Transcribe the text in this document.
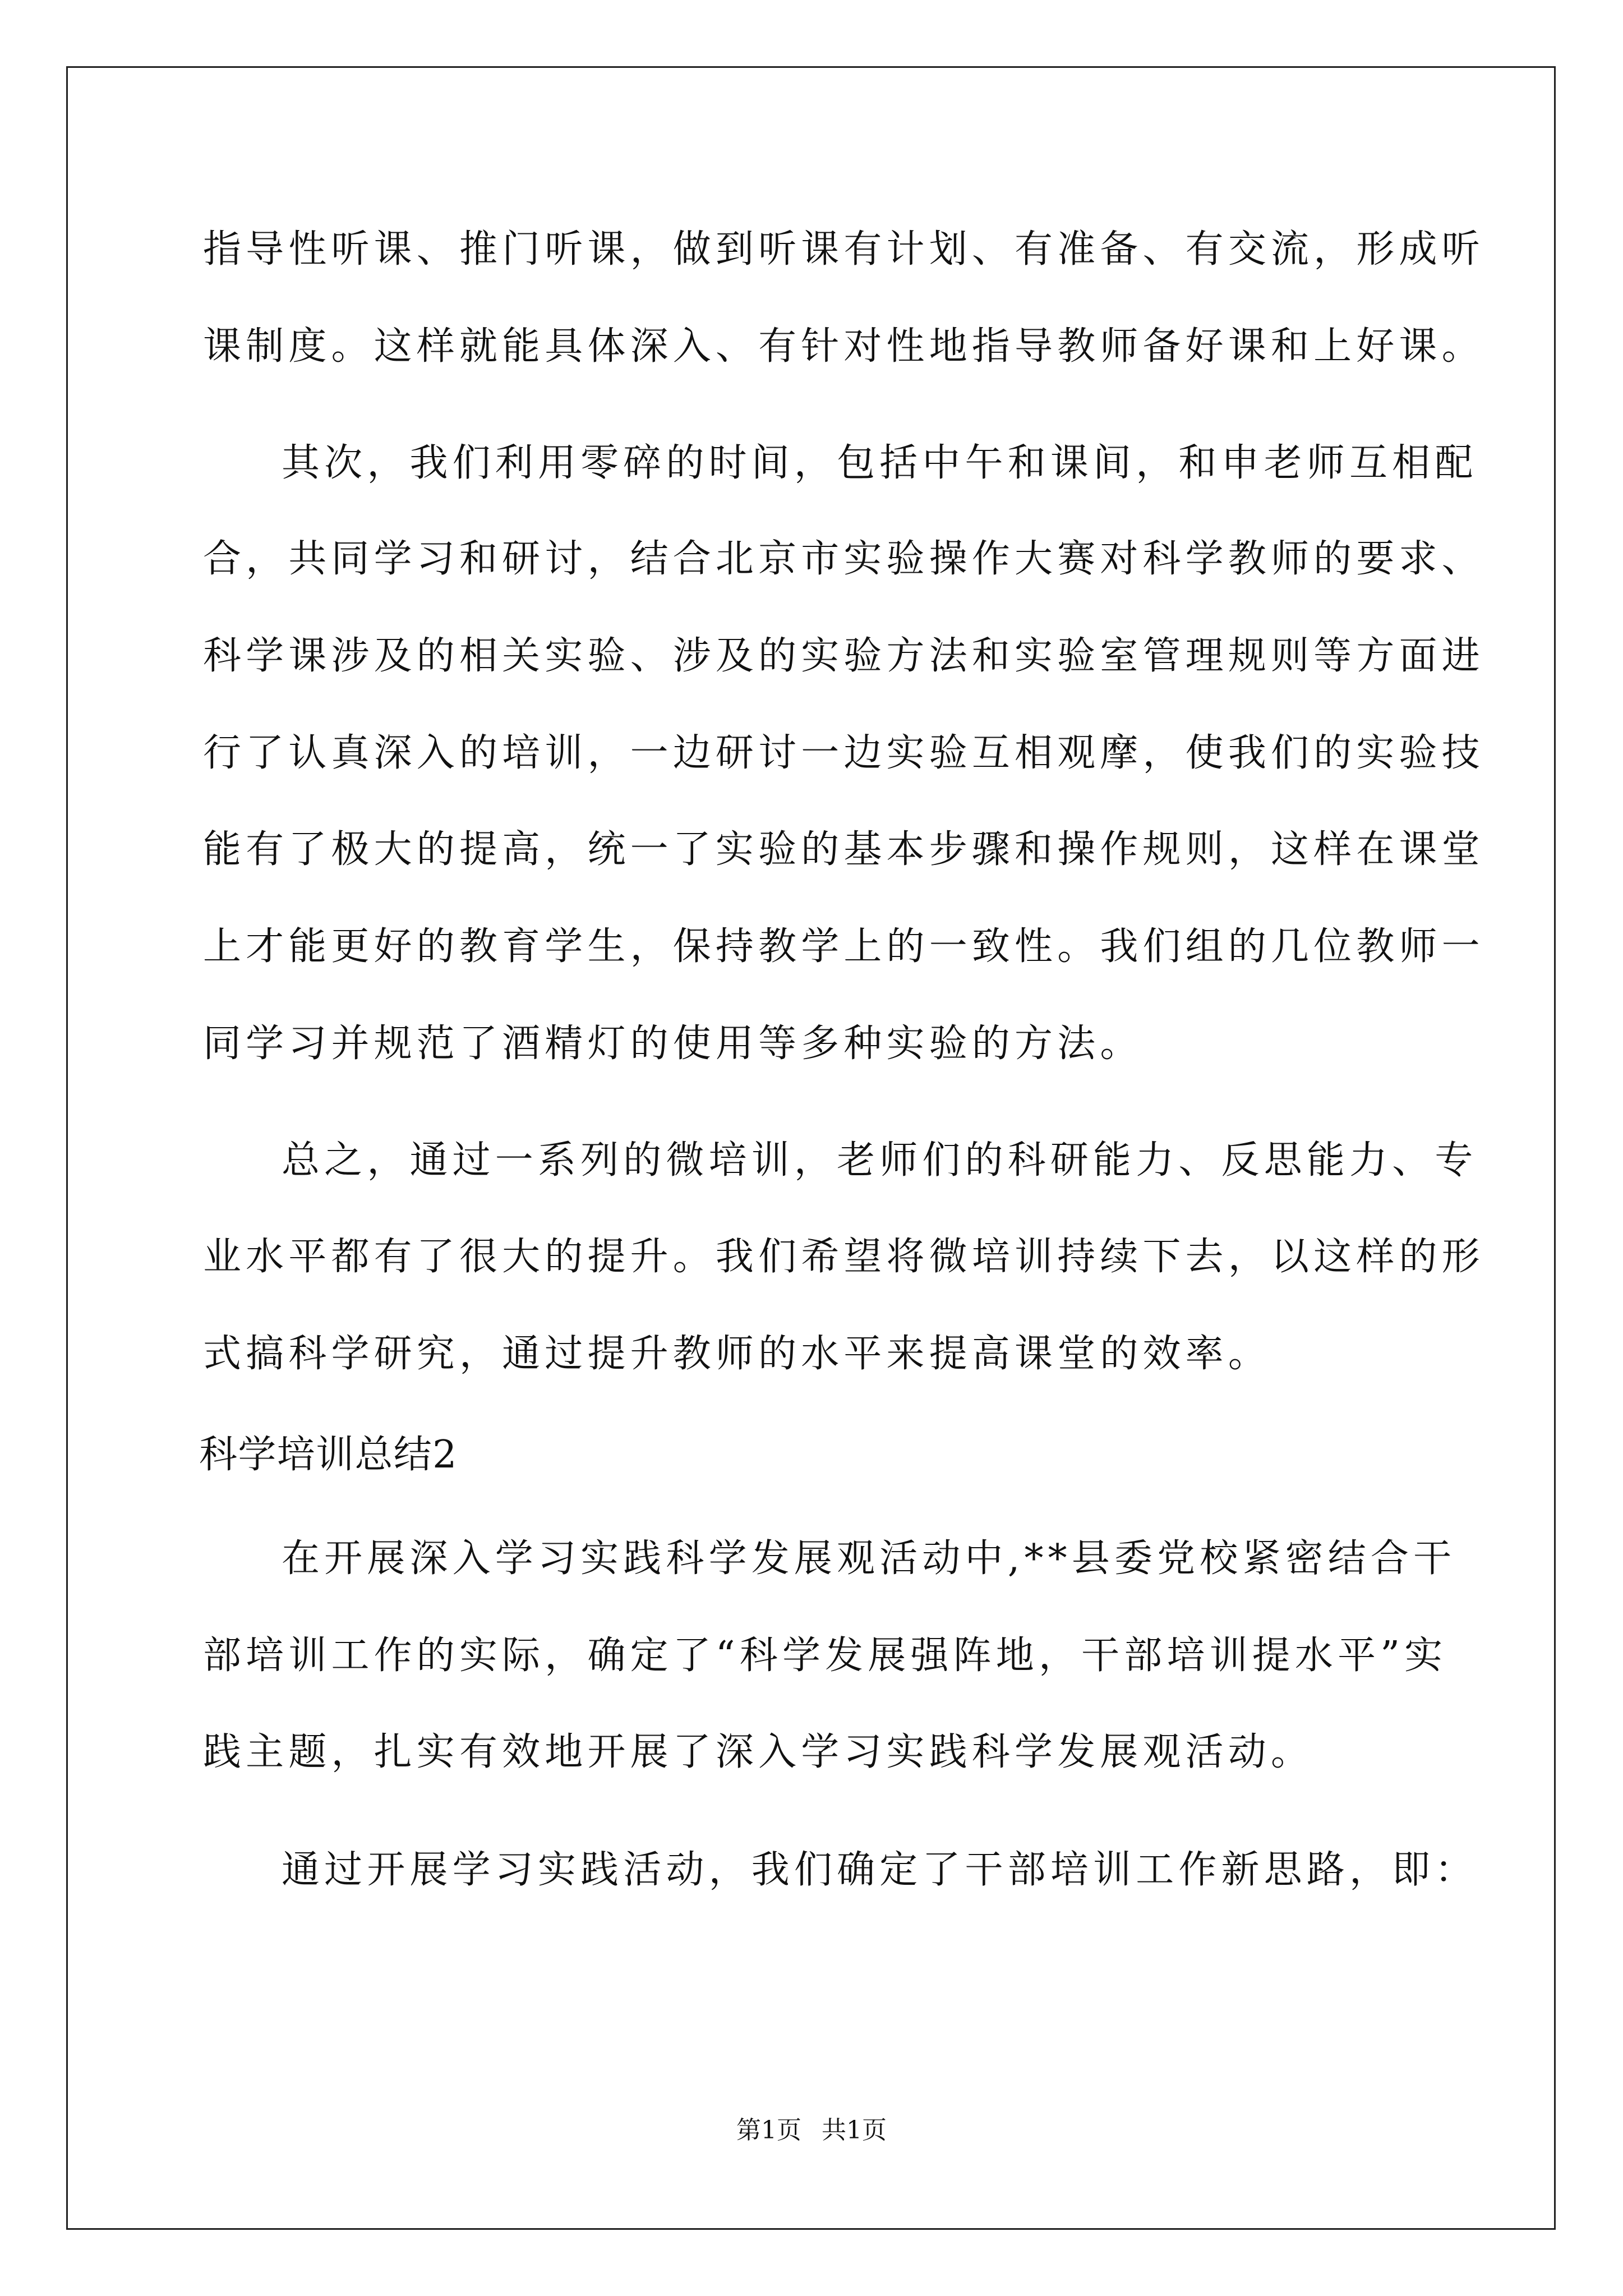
指导性听课、推门听课，做到听课有计划、有准备、有交流，形成听
课制度。这样就能具体深入、有针对性地指导教师备好课和上好课。
其次，我们利用零碎的时间，包括中午和课间，和申老师互相配
合，共同学习和研讨，结合北京市实验操作大赛对科学教师的要求、
科学课涉及的相关实验、涉及的实验方法和实验室管理规则等方面进
行了认真深入的培训，一边研讨一边实验互相观摩，使我们的实验技
能有了极大的提高，统一了实验的基本步骤和操作规则，这样在课堂
上才能更好的教育学生，保持教学上的一致性。我们组的几位教师一
同学习并规范了酒精灯的使用等多种实验的方法。
总之，通过一系列的微培训，老师们的科研能力、反思能力、专
业水平都有了很大的提升。我们希望将微培训持续下去，以这样的形
式搞科学研究，通过提升教师的水平来提高课堂的效率。
科学培训总结2
在开展深入学习实践科学发展观活动中,**县委党校紧密结合干
部培训工作的实际，确定了“科学发展强阵地，干部培训提水平”实
践主题，扎实有效地开展了深入学习实践科学发展观活动。
通过开展学习实践活动，我们确定了干部培训工作新思路，即：
第1页 共1页
